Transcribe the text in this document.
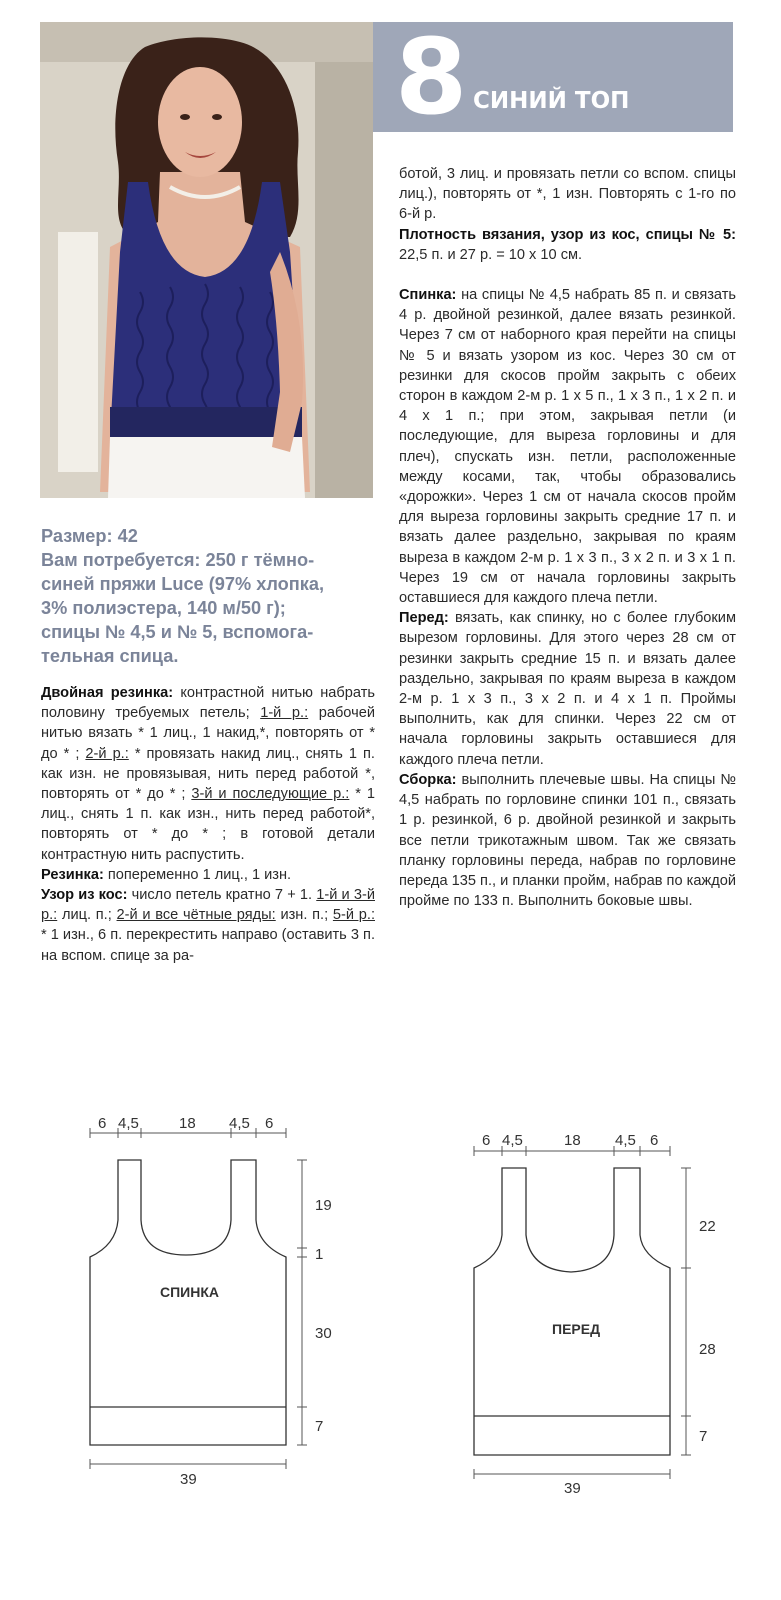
8 СИНИЙ ТОП
Размер: 42
Вам потребуется: 250 г тёмно-
синей пряжи Luce (97% хлопка,
3% полиэстера, 140 м/50 г);
спицы № 4,5 и № 5, вспомога-
тельная спица.

Двойная резинка: контрастной нитью набрать половину требуемых петель; 1-й р.: рабочей нитью вязать * 1 лиц., 1 накид,*, повторять от * до * ; 2-й р.: * провязать накид лиц., снять 1 п. как изн. не провязывая, нить перед работой *, повторять от * до * ; 3-й и последующие р.: * 1 лиц., снять 1 п. как изн., нить перед работой*, повторять от * до * ; в готовой детали контрастную нить распустить.

Резинка: попеременно 1 лиц., 1 изн.

Узор из кос: число петель кратно 7 + 1. 1-й и 3-й р.: лиц. п.; 2-й и все чётные ряды: изн. п.; 5-й р.: * 1 изн., 6 п. перекрестить направо (оставить 3 п. на вспом. спице за ра-

ботой, 3 лиц. и провязать петли со вспом. спицы лиц.), повторять от *, 1 изн. Повторять с 1-го по 6-й р.

Плотность вязания, узор из кос, спицы № 5: 22,5 п. и 27 р. = 10 х 10 см.

Спинка: на спицы № 4,5 набрать 85 п. и связать 4 р. двойной резинкой, далее вязать резинкой. Через 7 см от наборного края перейти на спицы № 5 и вязать узором из кос. Через 30 см от резинки для скосов пройм закрыть с обеих сторон в каждом 2-м р. 1 х 5 п., 1 х 3 п., 1 х 2 п. и 4 х 1 п.; при этом, закрывая петли (и последующие, для выреза горловины и для плеч), спускать изн. петли, расположенные между косами, так, чтобы образовались «дорожки». Через 1 см от начала скосов пройм для выреза горловины закрыть средние 17 п. и вязать далее раздельно, закрывая по краям выреза в каждом 2-м р. 1 х 3 п., 3 х 2 п. и 3 х 1 п. Через 19 см от начала горловины закрыть оставшиеся для каждого плеча петли.

Перед: вязать, как спинку, но с более глубоким вырезом горловины. Для этого через 28 см от резинки закрыть средние 15 п. и вязать далее раздельно, закрывая по краям выреза в каждом 2-м р. 1 х 3 п., 3 х 2 п. и 4 х 1 п. Проймы выполнить, как для спинки. Через 22 см от начала горловины закрыть оставшиеся для каждого плеча петли.

Сборка: выполнить плечевые швы. На спицы № 4,5 набрать по горловине спинки 101 п., связать 1 р. резинкой, 6 р. двойной резинкой и закрыть все петли трикотажным швом. Так же связать планку горловины переда, набрав по горловине переда 135 п., и планки пройм, набрав по каждой пройме по 133 п. Выполнить боковые швы.

6 4,5	18 4,5 6
19
1
30
7
39
СПИНКА
6 4,5	18 4,5 6
22
28
7
39
ПЕРЕД
